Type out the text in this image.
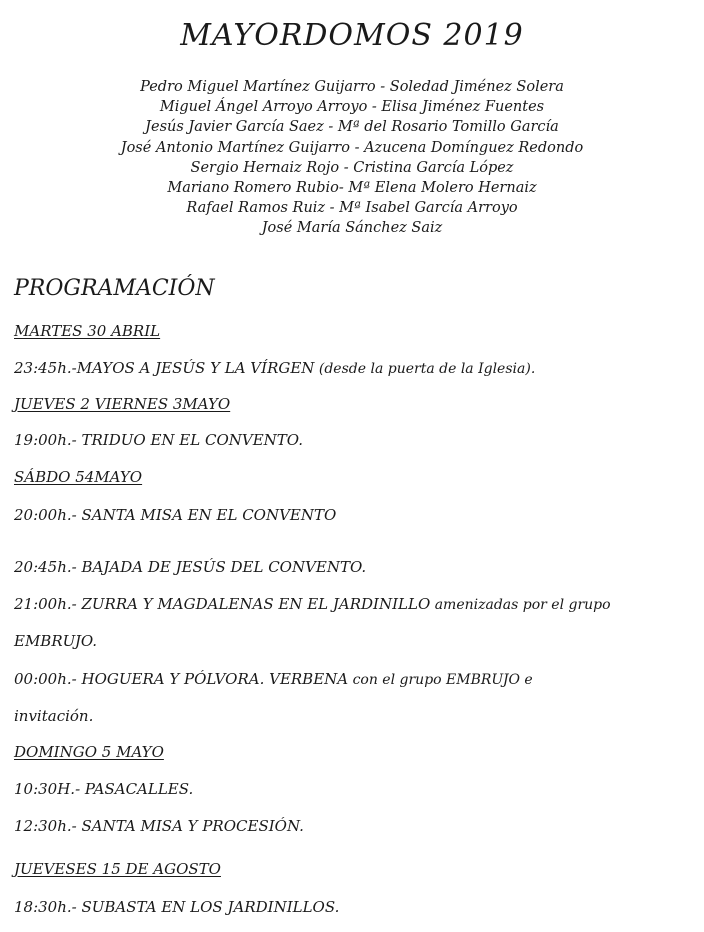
MAYORDOMOS 2019
Pedro Miguel Martínez Guijarro - Soledad Jiménez Solera
Miguel Ángel Arroyo Arroyo - Elisa Jiménez Fuentes
Jesús Javier García Saez - Mª del Rosario Tomillo García
José Antonio Martínez Guijarro - Azucena Domínguez Redondo
Sergio Hernaiz Rojo - Cristina García López
Mariano Romero Rubio- Mª Elena Molero Hernaiz
Rafael Ramos Ruiz - Mª Isabel García Arroyo
José María Sánchez Saiz
PROGRAMACIÓN
MARTES 30 ABRIL
23:45h.-MAYOS A JESÚS Y LA VÍRGEN (desde la puerta de la Iglesia).
JUEVES 2 VIERNES 3MAYO
19:00h.- TRIDUO EN EL CONVENTO.
SÁBDO 54MAYO
20:00h.- SANTA MISA EN EL CONVENTO
20:45h.- BAJADA DE JESÚS DEL CONVENTO.
21:00h.- ZURRA Y MAGDALENAS EN EL JARDINILLO amenizadas por el grupo
EMBRUJO.
00:00h.- HOGUERA Y PÓLVORA. VERBENA con el grupo EMBRUJO e
invitación.
DOMINGO 5 MAYO
10:30H.- PASACALLES.
12:30h.- SANTA MISA Y PROCESIÓN.
JUEVESES 15 DE AGOSTO
18:30h.- SUBASTA EN LOS JARDINILLOS.
